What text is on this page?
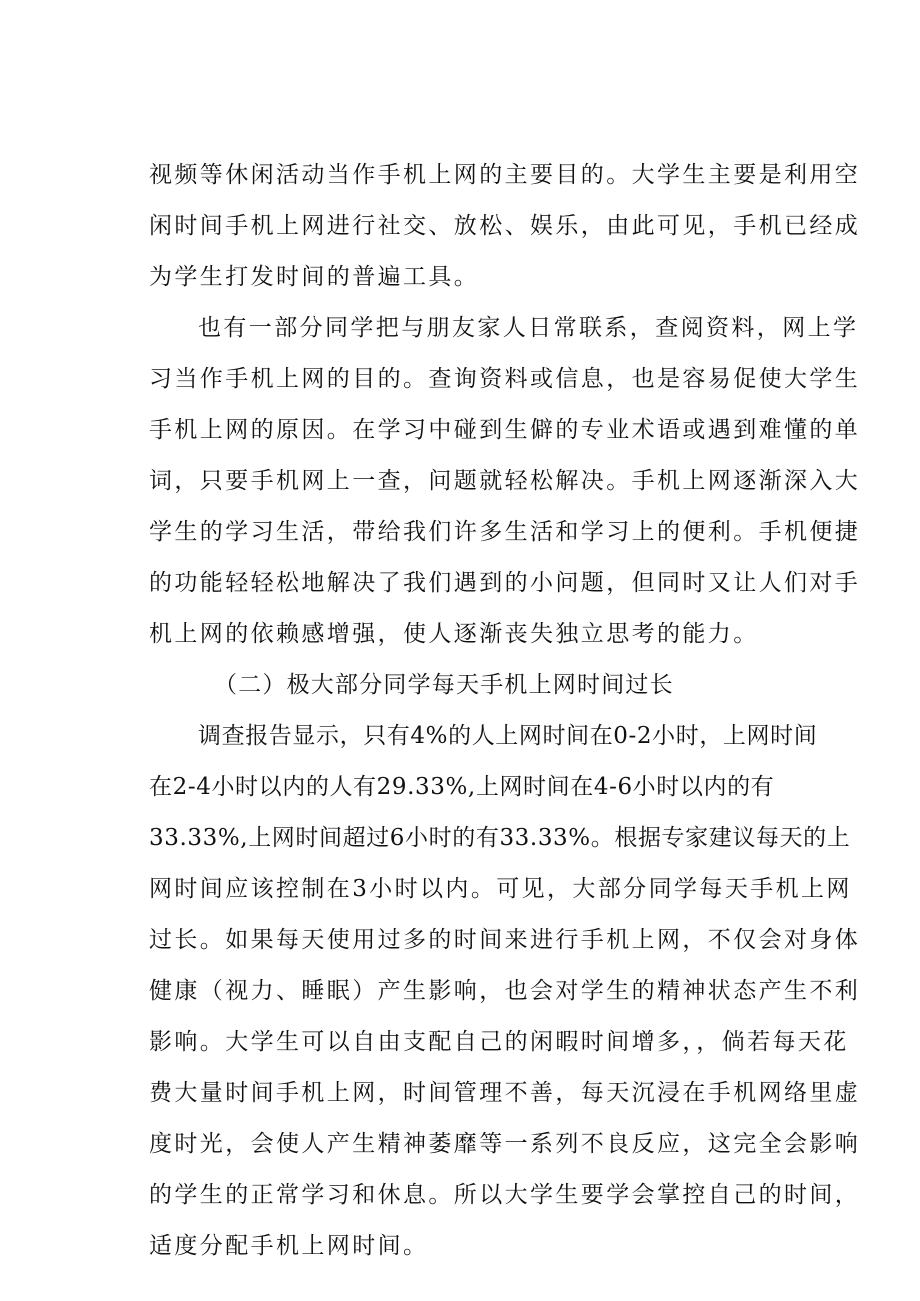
视频等休闲活动当作手机上网的主要目的。大学生主要是利用空
闲时间手机上网进行社交、放松、娱乐，由此可见，手机已经成
为学生打发时间的普遍工具。
也有一部分同学把与朋友家人日常联系，查阅资料，网上学
习当作手机上网的目的。查询资料或信息，也是容易促使大学生
手机上网的原因。在学习中碰到生僻的专业术语或遇到难懂的单
词，只要手机网上一查，问题就轻松解决。手机上网逐渐深入大
学生的学习生活，带给我们许多生活和学习上的便利。手机便捷
的功能轻轻松地解决了我们遇到的小问题，但同时又让人们对手
机上网的依赖感增强，使人逐渐丧失独立思考的能力。
（二）极大部分同学每天手机上网时间过长
调查报告显示，只有4%的人上网时间在0-2小时，上网时间
在2-4小时以内的人有29.33%,上网时间在4-6小时以内的有
33.33%,上网时间超过6小时的有33.33%。根据专家建议每天的上
网时间应该控制在3小时以内。可见，大部分同学每天手机上网
过长。如果每天使用过多的时间来进行手机上网，不仅会对身体
健康（视力、睡眠）产生影响，也会对学生的精神状态产生不利
影响。大学生可以自由支配自己的闲暇时间增多，，倘若每天花
费大量时间手机上网，时间管理不善，每天沉浸在手机网络里虚
度时光，会使人产生精神萎靡等一系列不良反应，这完全会影响
的学生的正常学习和休息。所以大学生要学会掌控自己的时间，
适度分配手机上网时间。
